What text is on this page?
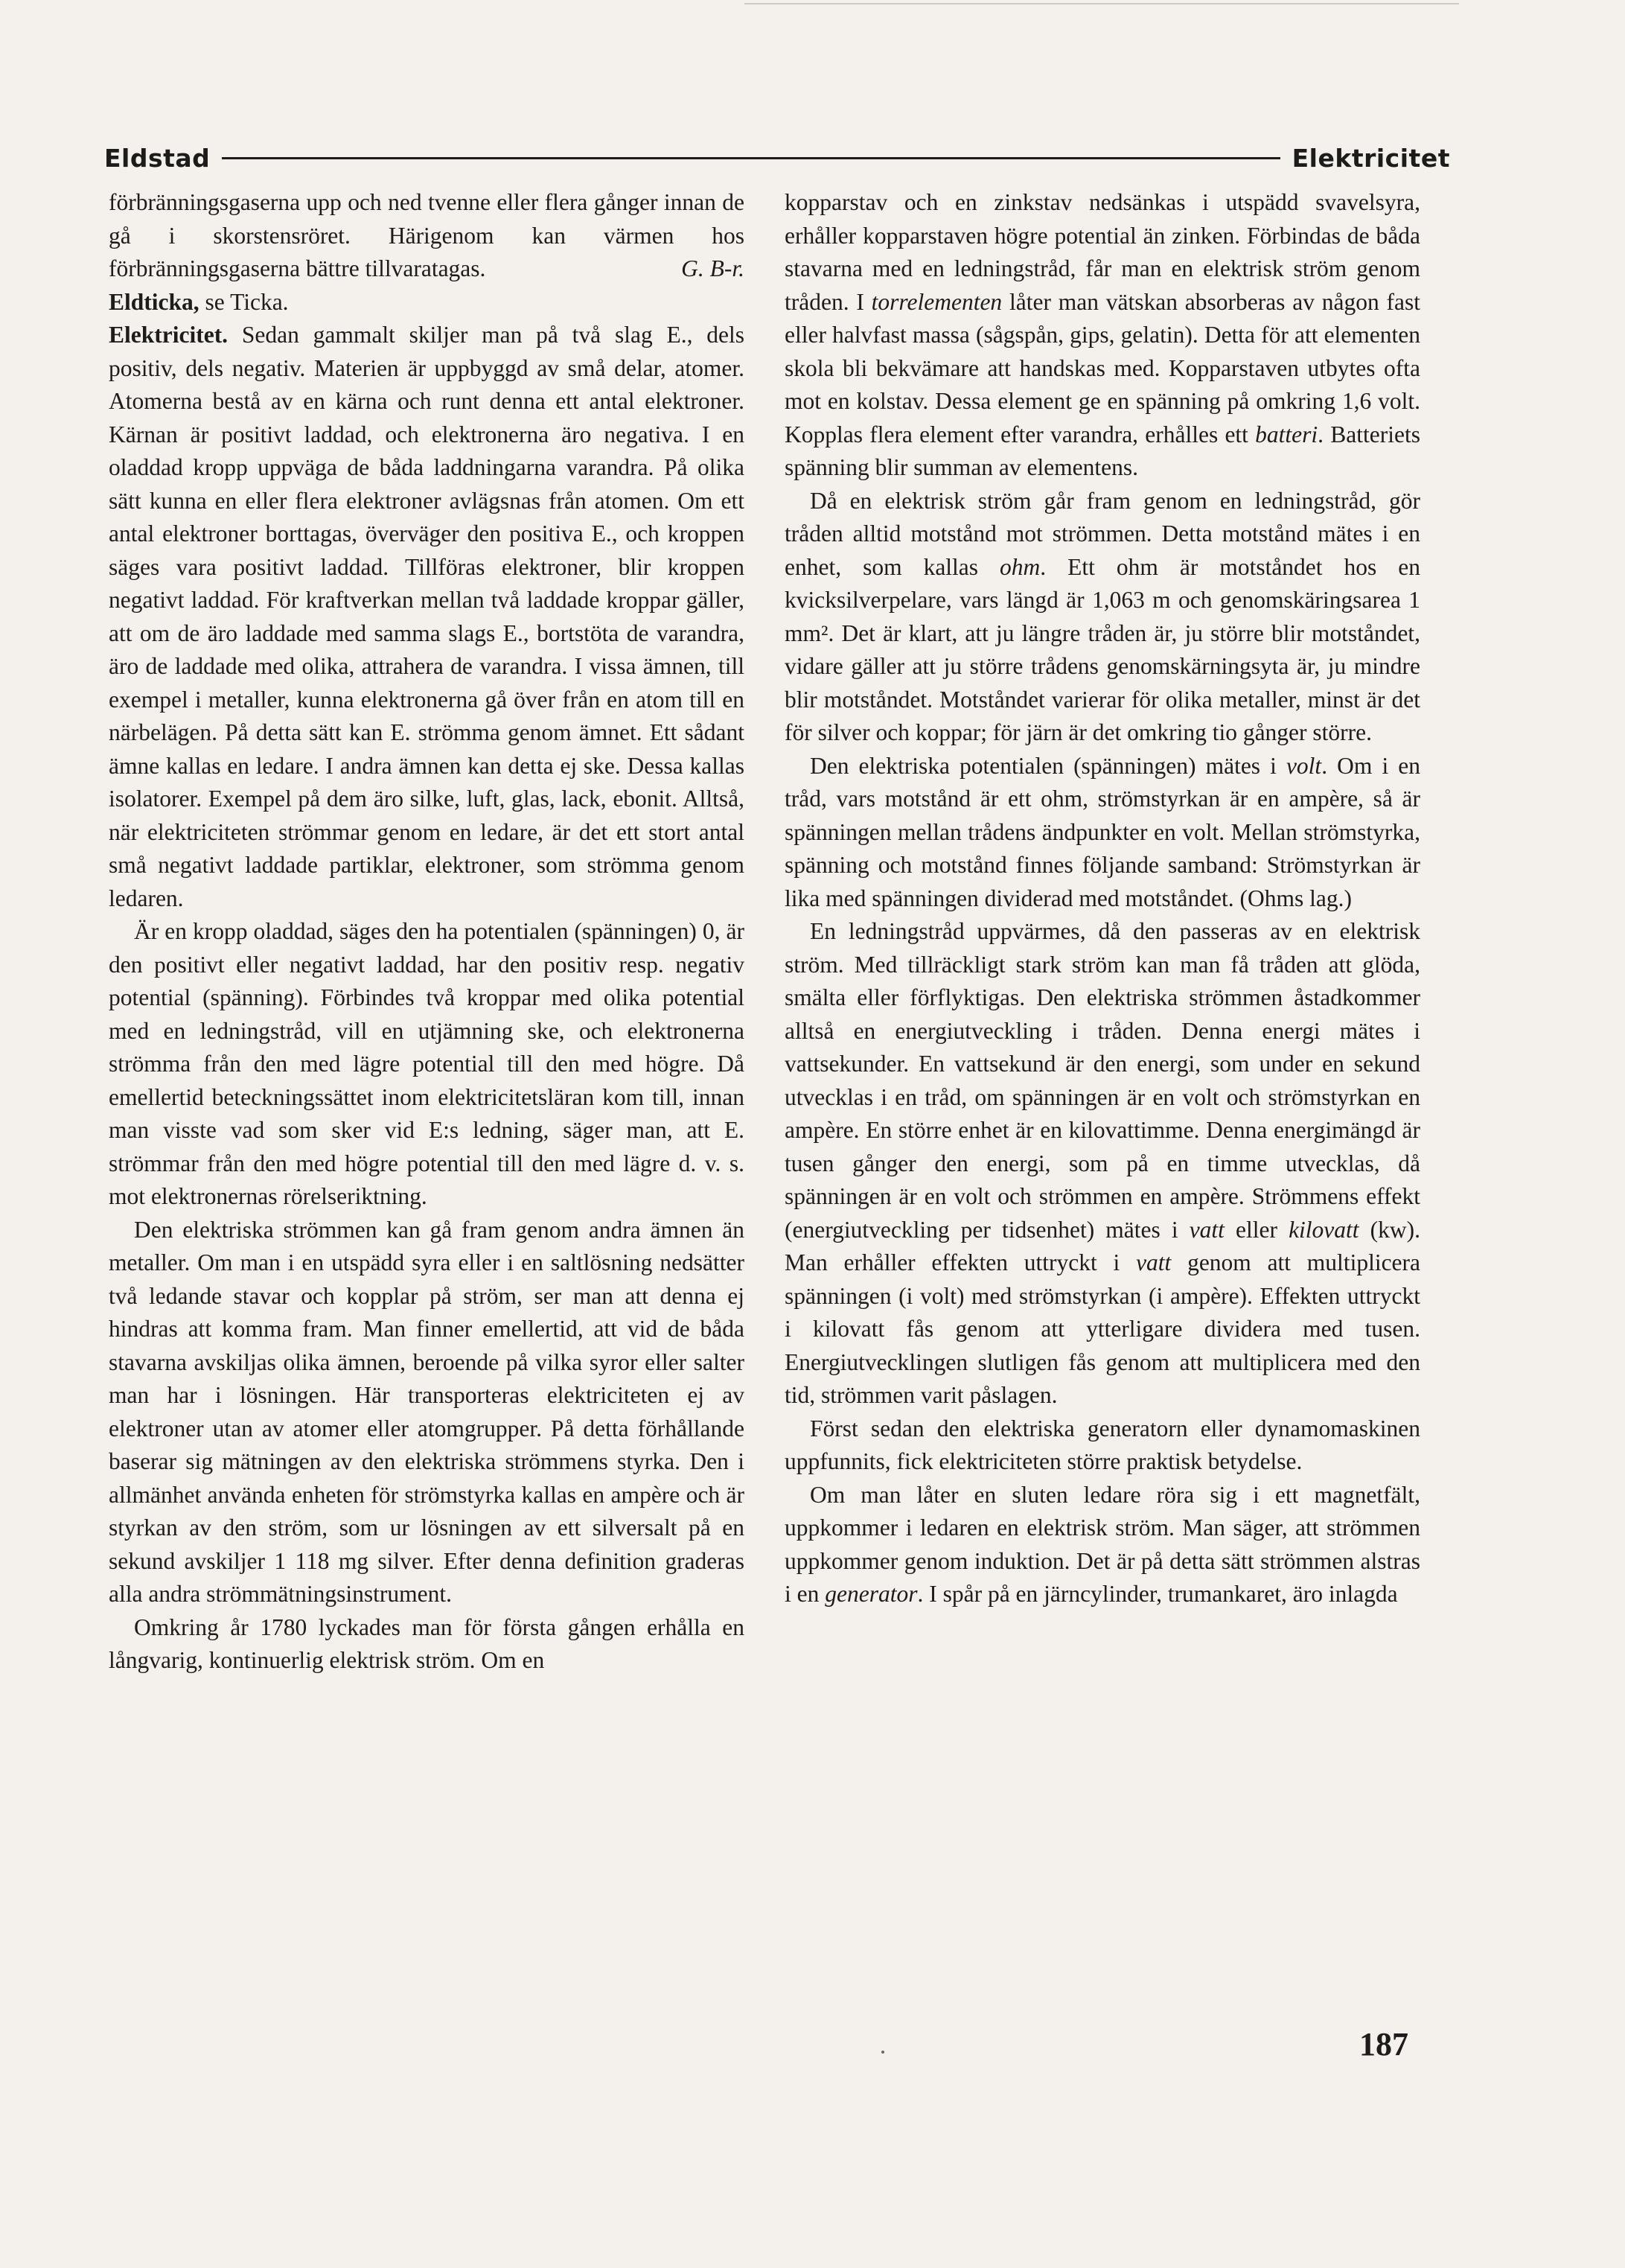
Eldstad	Elektricitet

förbränningsgaserna upp och ned tvenne eller flera gånger innan de gå i skorstensröret. Härigenom kan värmen hos förbränningsgaserna bättre tillvaratagas.	G. B-r.

Eldticka, se Ticka.

Elektricitet. Sedan gammalt skiljer man på två slag E., dels positiv, dels negativ. Materien är uppbyggd av små delar, atomer. Atomerna bestå av en kärna och runt denna ett antal elektroner. Kärnan är positivt laddad, och elektronerna äro negativa. I en oladdad kropp uppväga de båda laddningarna varandra. På olika sätt kunna en eller flera elektroner avlägsnas från atomen. Om ett antal elektroner borttagas, överväger den positiva E., och kroppen säges vara positivt laddad. Tillföras elektroner, blir kroppen negativt laddad. För kraftverkan mellan två laddade kroppar gäller, att om de äro laddade med samma slags E., bortstöta de varandra, äro de laddade med olika, attrahera de varandra. I vissa ämnen, till exempel i metaller, kunna elektronerna gå över från en atom till en närbelägen. På detta sätt kan E. strömma genom ämnet. Ett sådant ämne kallas en ledare. I andra ämnen kan detta ej ske. Dessa kallas isolatorer. Exempel på dem äro silke, luft, glas, lack, ebonit. Alltså, när elektriciteten strömmar genom en ledare, är det ett stort antal små negativt laddade partiklar, elektroner, som strömma genom ledaren.

Är en kropp oladdad, säges den ha potentialen (spänningen) 0, är den positivt eller negativt laddad, har den positiv resp. negativ potential (spänning). Förbindes två kroppar med olika potential med en ledningstråd, vill en utjämning ske, och elektronerna strömma från den med lägre potential till den med högre. Då emellertid beteckningssättet inom elektricitetsläran kom till, innan man visste vad som sker vid E:s ledning, säger man, att E. strömmar från den med högre potential till den med lägre d. v. s. mot elektronernas rörelseriktning.

Den elektriska strömmen kan gå fram genom andra ämnen än metaller. Om man i en utspädd syra eller i en saltlösning nedsätter två ledande stavar och kopplar på ström, ser man att denna ej hindras att komma fram. Man finner emellertid, att vid de båda stavarna avskiljas olika ämnen, beroende på vilka syror eller salter man har i lösningen. Här transporteras elektriciteten ej av elektroner utan av atomer eller atomgrupper. På detta förhållande baserar sig mätningen av den elektriska strömmens styrka. Den i allmänhet använda enheten för strömstyrka kallas en ampère och är styrkan av den ström, som ur lösningen av ett silversalt på en sekund avskiljer 1 118 mg silver. Efter denna definition graderas alla andra strömmätningsinstrument.

Omkring år 1780 lyckades man för första gången erhålla en långvarig, kontinuerlig elektrisk ström. Om en

kopparstav och en zinkstav nedsänkas i utspädd svavelsyra, erhåller kopparstaven högre potential än zinken. Förbindas de båda stavarna med en ledningstråd, får man en elektrisk ström genom tråden. I torrelementen låter man vätskan absorberas av någon fast eller halvfast massa (sågspån, gips, gelatin). Detta för att elementen skola bli bekvämare att handskas med. Kopparstaven utbytes ofta mot en kolstav. Dessa element ge en spänning på omkring 1,6 volt. Kopplas flera element efter varandra, erhålles ett batteri. Batteriets spänning blir summan av elementens.

Då en elektrisk ström går fram genom en ledningstråd, gör tråden alltid motstånd mot strömmen. Detta motstånd mätes i en enhet, som kallas ohm. Ett ohm är motståndet hos en kvicksilverpelare, vars längd är 1,063 m och genomskäringsarea 1 mm². Det är klart, att ju längre tråden är, ju större blir motståndet, vidare gäller att ju större trådens genomskärningsyta är, ju mindre blir motståndet. Motståndet varierar för olika metaller, minst är det för silver och koppar; för järn är det omkring tio gånger större.

Den elektriska potentialen (spänningen) mätes i volt. Om i en tråd, vars motstånd är ett ohm, strömstyrkan är en ampère, så är spänningen mellan trådens ändpunkter en volt. Mellan strömstyrka, spänning och motstånd finnes följande samband: Strömstyrkan är lika med spänningen dividerad med motståndet. (Ohms lag.)

En ledningstråd uppvärmes, då den passeras av en elektrisk ström. Med tillräckligt stark ström kan man få tråden att glöda, smälta eller förflyktigas. Den elektriska strömmen åstadkommer alltså en energiutveckling i tråden. Denna energi mätes i vattsekunder. En vattsekund är den energi, som under en sekund utvecklas i en tråd, om spänningen är en volt och strömstyrkan en ampère. En större enhet är en kilovattimme. Denna energimängd är tusen gånger den energi, som på en timme utvecklas, då spänningen är en volt och strömmen en ampère. Strömmens effekt (energiutveckling per tidsenhet) mätes i vatt eller kilovatt (kw). Man erhåller effekten uttryckt i vatt genom att multiplicera spänningen (i volt) med strömstyrkan (i ampère). Effekten uttryckt i kilovatt fås genom att ytterligare dividera med tusen. Energiutvecklingen slutligen fås genom att multiplicera med den tid, strömmen varit påslagen.

Först sedan den elektriska generatorn eller dynamomaskinen uppfunnits, fick elektriciteten större praktisk betydelse.

Om man låter en sluten ledare röra sig i ett magnetfält, uppkommer i ledaren en elektrisk ström. Man säger, att strömmen uppkommer genom induktion. Det är på detta sätt strömmen alstras i en generator. I spår på en järncylinder, trumankaret, äro inlagda

187
